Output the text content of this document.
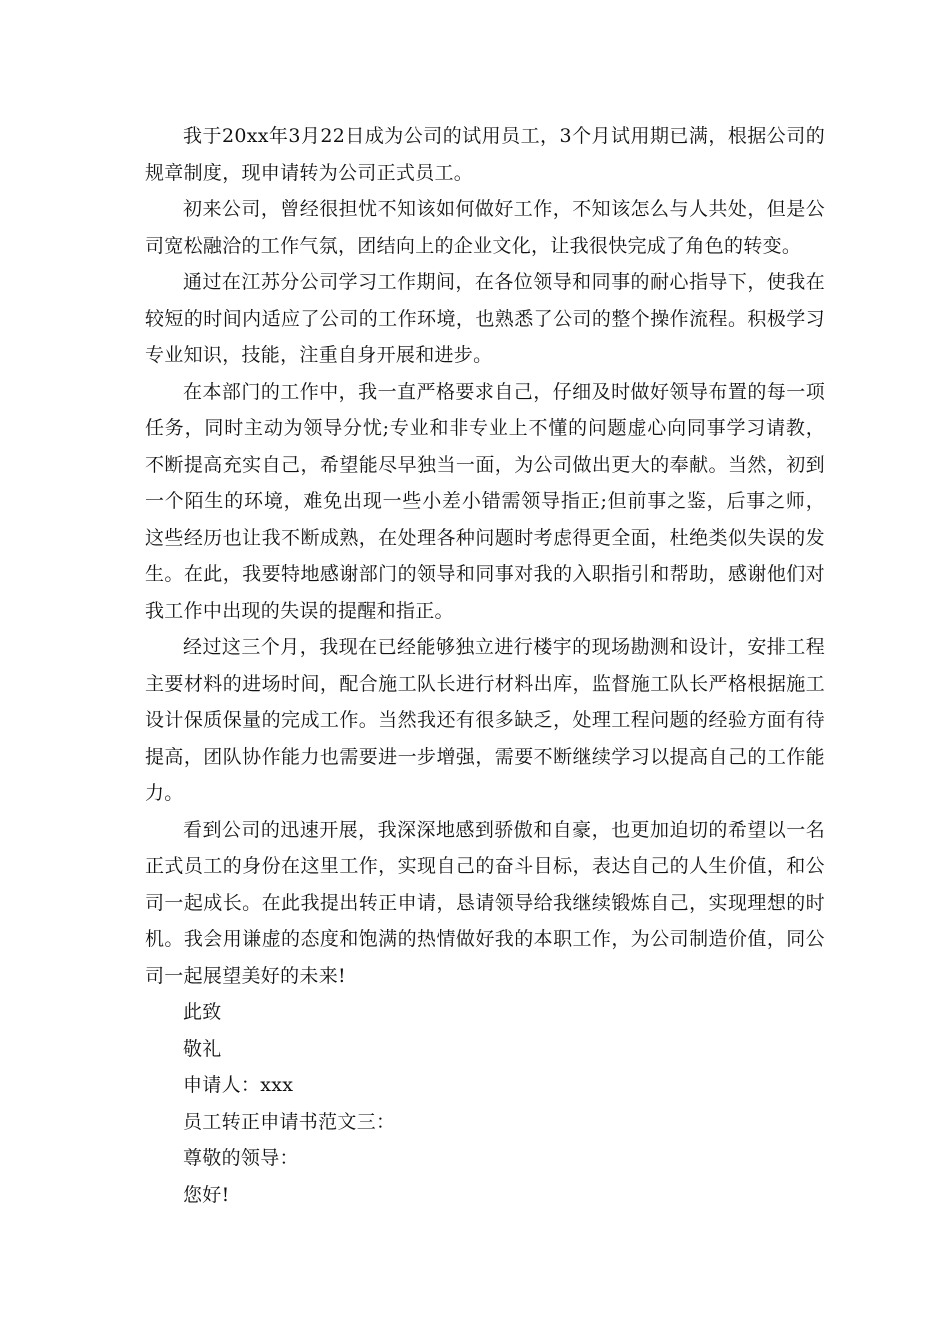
我于20xx年3月22日成为公司的试用员工，3个月试用期已满，根据公司的规章制度，现申请转为公司正式员工。

初来公司，曾经很担忧不知该如何做好工作，不知该怎么与人共处，但是公司宽松融洽的工作气氛，团结向上的企业文化，让我很快完成了角色的转变。

通过在江苏分公司学习工作期间，在各位领导和同事的耐心指导下，使我在较短的时间内适应了公司的工作环境，也熟悉了公司的整个操作流程。积极学习专业知识，技能，注重自身开展和进步。

在本部门的工作中，我一直严格要求自己，仔细及时做好领导布置的每一项任务，同时主动为领导分忧;专业和非专业上不懂的问题虚心向同事学习请教，不断提高充实自己，希望能尽早独当一面，为公司做出更大的奉献。当然，初到一个陌生的环境，难免出现一些小差小错需领导指正;但前事之鉴，后事之师，这些经历也让我不断成熟，在处理各种问题时考虑得更全面，杜绝类似失误的发生。在此，我要特地感谢部门的领导和同事对我的入职指引和帮助，感谢他们对我工作中出现的失误的提醒和指正。

经过这三个月，我现在已经能够独立进行楼宇的现场勘测和设计，安排工程主要材料的进场时间，配合施工队长进行材料出库，监督施工队长严格根据施工设计保质保量的完成工作。当然我还有很多缺乏，处理工程问题的经验方面有待提高，团队协作能力也需要进一步增强，需要不断继续学习以提高自己的工作能力。

看到公司的迅速开展，我深深地感到骄傲和自豪，也更加迫切的希望以一名正式员工的身份在这里工作，实现自己的奋斗目标，表达自己的人生价值，和公司一起成长。在此我提出转正申请，恳请领导给我继续锻炼自己，实现理想的时机。我会用谦虚的态度和饱满的热情做好我的本职工作，为公司制造价值，同公司一起展望美好的未来!

此致

敬礼

申请人：xxx

员工转正申请书范文三：

尊敬的领导：

您好!
